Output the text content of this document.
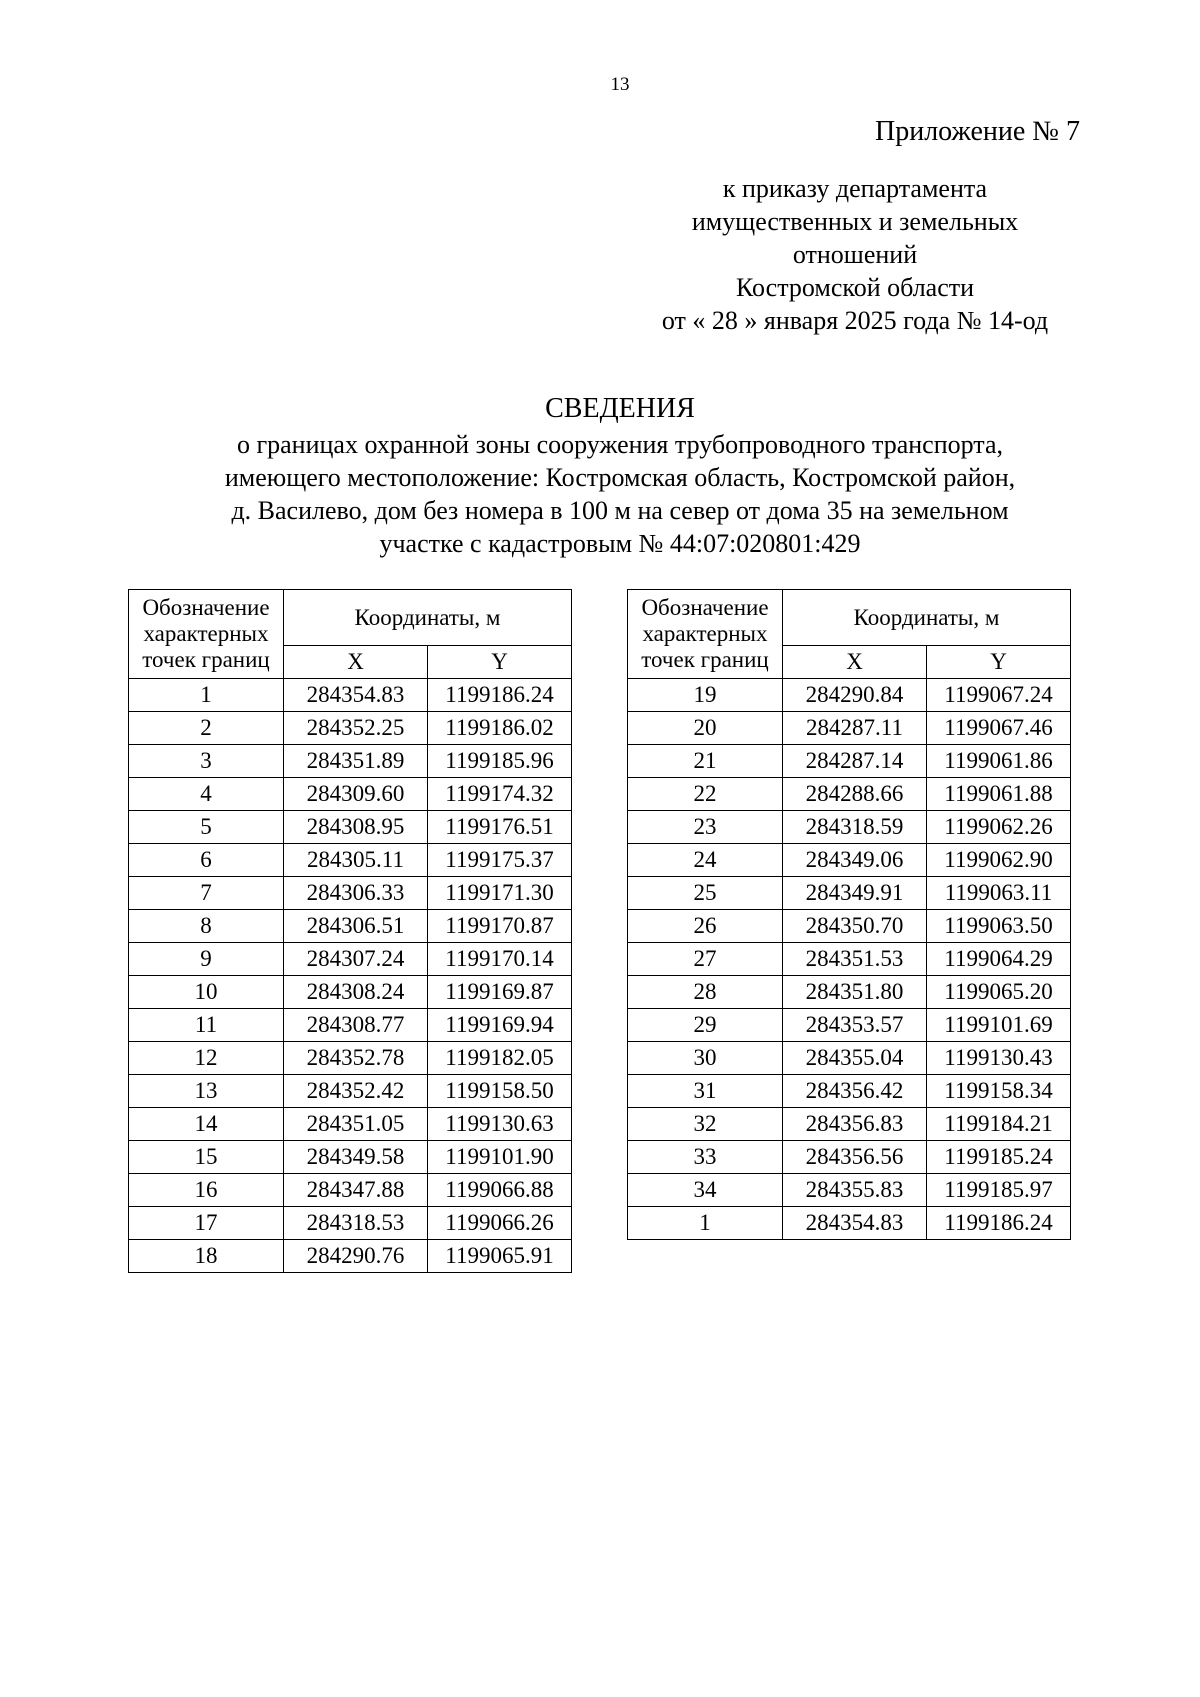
13
Приложение № 7
к приказу департамента
имущественных и земельных
отношений
Костромской области
от « 28 » января 2025 года № 14-од
СВЕДЕНИЯ
о границах охранной зоны сооружения трубопроводного транспорта,
имеющего местоположение: Костромская область, Костромской район,
д. Василево, дом без номера в 100 м на север от дома 35 на земельном
участке с кадастровым № 44:07:020801:429
Обозначение
характерных
точек границ	Координаты, м	
	X	Y
1	284354.83	1199186.24
2	284352.25	1199186.02
3	284351.89	1199185.96
4	284309.60	1199174.32
5	284308.95	1199176.51
6	284305.11	1199175.37
7	284306.33	1199171.30
8	284306.51	1199170.87
9	284307.24	1199170.14
10	284308.24	1199169.87
11	284308.77	1199169.94
12	284352.78	1199182.05
13	284352.42	1199158.50
14	284351.05	1199130.63
15	284349.58	1199101.90
16	284347.88	1199066.88
17	284318.53	1199066.26
18	284290.76	1199065.91
Обозначение
характерных
точек границ	Координаты, м	
	X	Y
19	284290.84	1199067.24
20	284287.11	1199067.46
21	284287.14	1199061.86
22	284288.66	1199061.88
23	284318.59	1199062.26
24	284349.06	1199062.90
25	284349.91	1199063.11
26	284350.70	1199063.50
27	284351.53	1199064.29
28	284351.80	1199065.20
29	284353.57	1199101.69
30	284355.04	1199130.43
31	284356.42	1199158.34
32	284356.83	1199184.21
33	284356.56	1199185.24
34	284355.83	1199185.97
1	284354.83	1199186.24
